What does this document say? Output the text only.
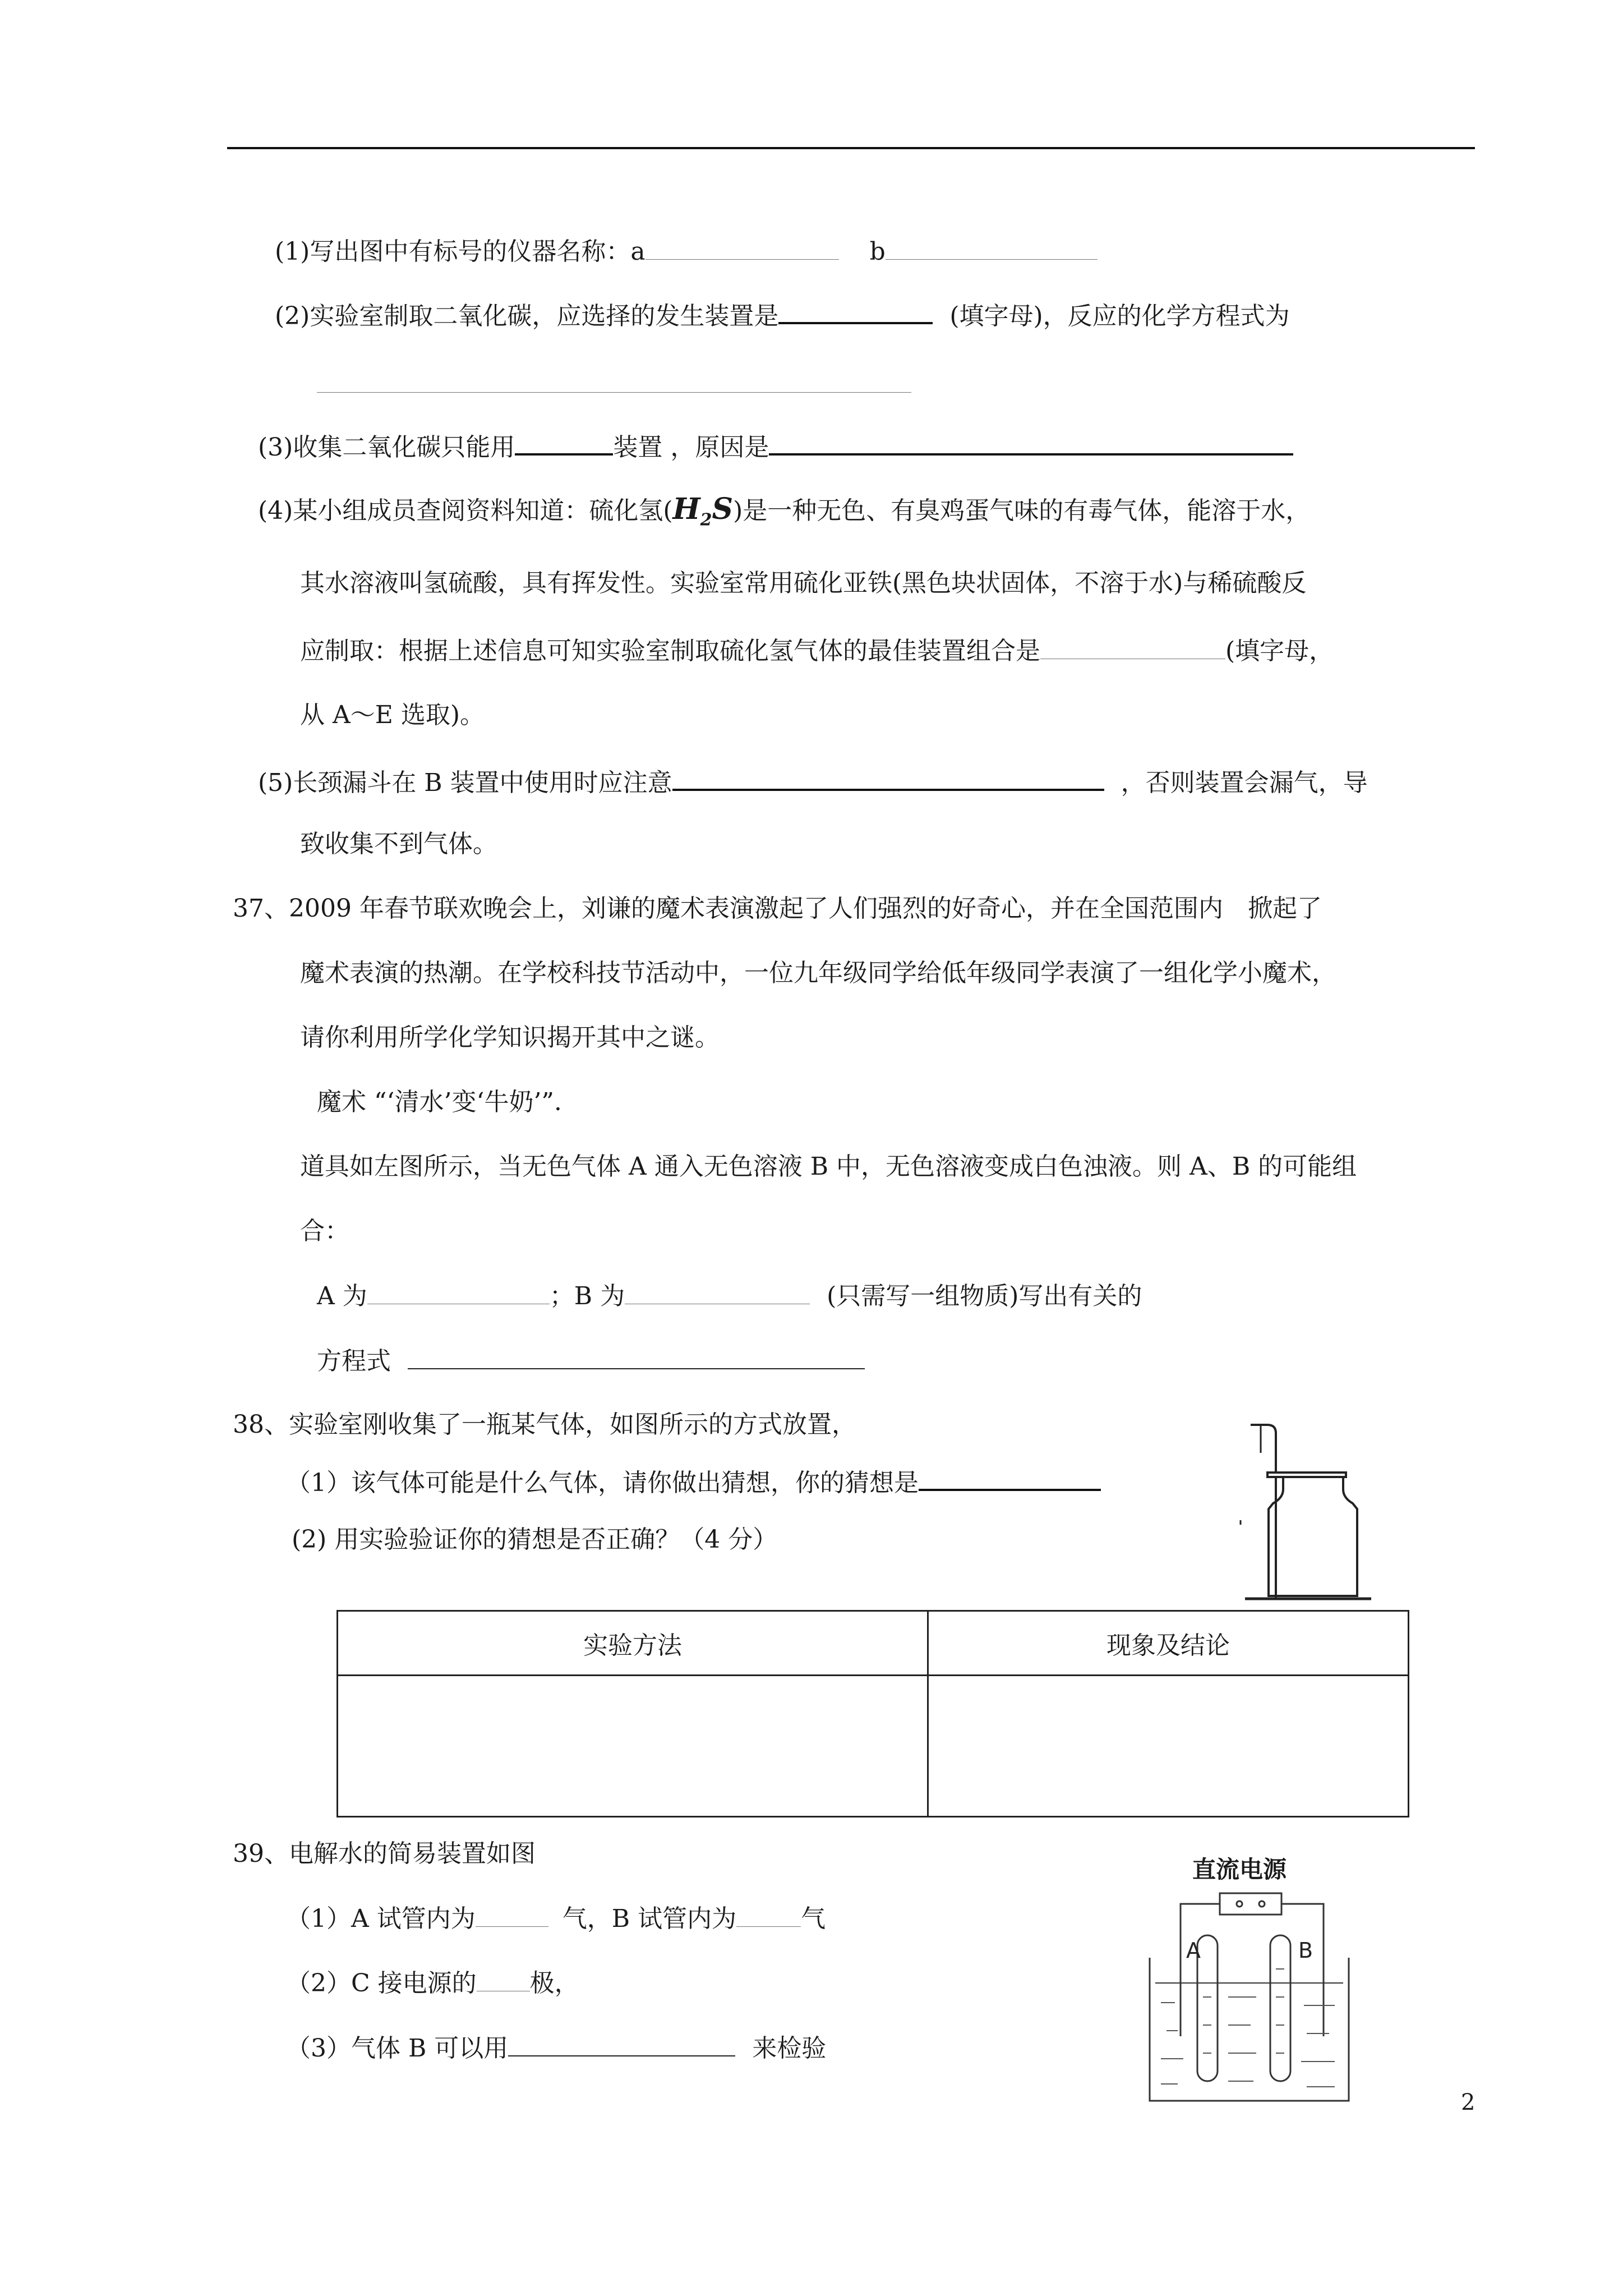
(1)写出图中有标号的仪器名称：a	b
(2)实验室制取二氧化碳，应选择的发生装置是	(填字母)，反应的化学方程式为
(3)收集二氧化碳只能用	装置 ，原因是
(4)某小组成员查阅资料知道：硫化氢$(H_2S)$是一种无色、有臭鸡蛋气味的有毒气体，能溶于水，
其水溶液叫氢硫酸，具有挥发性。实验室常用硫化亚铁(黑色块状固体，不溶于水)与稀硫酸反
应制取：根据上述信息可知实验室制取硫化氢气体的最佳装置组合是	(填字母，
从 A～E 选取)。
(5)长颈漏斗在 B 装置中使用时应注意	，否则装置会漏气，导
致收集不到气体。
37、2009 年春节联欢晚会上，刘谦的魔术表演激起了人们强烈的好奇心，并在全国范围内　掀起了
魔术表演的热潮。在学校科技节活动中，一位九年级同学给低年级同学表演了一组化学小魔术，
请你利用所学化学知识揭开其中之谜。
魔术 “‘清水’变‘牛奶’”.
道具如左图所示，当无色气体 A 通入无色溶液 B 中，无色溶液变成白色浊液。则 A、B 的可能组
合：
A 为	；B 为	(只需写一组物质)写出有关的
方程式
38、实验室刚收集了一瓶某气体，如图所示的方式放置，
（1）该气体可能是什么气体，请你做出猜想，你的猜想是
(2) 用实验验证你的猜想是否正确？（4 分）
实验方法	现象及结论

39、电解水的简易装置如图
（1）A 试管内为	气，B 试管内为	气
（2）C 接电源的 极，
（3）气体 B 可以用	来检验
直流电源
A	B
2
